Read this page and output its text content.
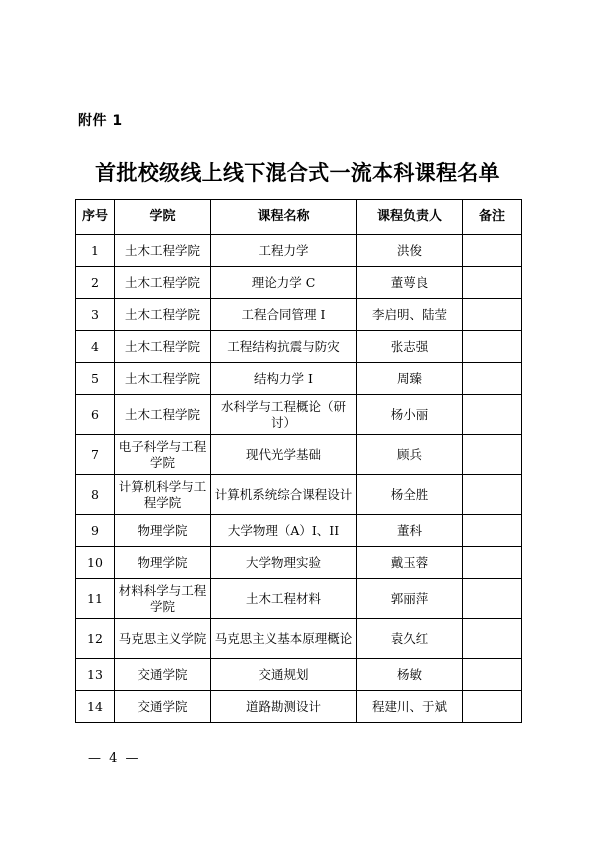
附件 1
首批校级线上线下混合式一流本科课程名单
序号	学院	课程名称	课程负责人	备注
1	土木工程学院	工程力学	洪俊	
2	土木工程学院	理论力学 C	董萼良	
3	土木工程学院	工程合同管理 I	李启明、陆莹	
4	土木工程学院	工程结构抗震与防灾	张志强	
5	土木工程学院	结构力学 I	周臻	
6	土木工程学院	水科学与工程概论（研讨）	杨小丽	
7	电子科学与工程学院	现代光学基础	顾兵	
8	计算机科学与工程学院	计算机系统综合课程设计	杨全胜	
9	物理学院	大学物理（A）I、II	董科	
10	物理学院	大学物理实验	戴玉蓉	
11	材料科学与工程学院	土木工程材料	郭丽萍	
12	马克思主义学院	马克思主义基本原理概论	袁久红	
13	交通学院	交通规划	杨敏	
14	交通学院	道路勘测设计	程建川、于斌	
— 4 —
